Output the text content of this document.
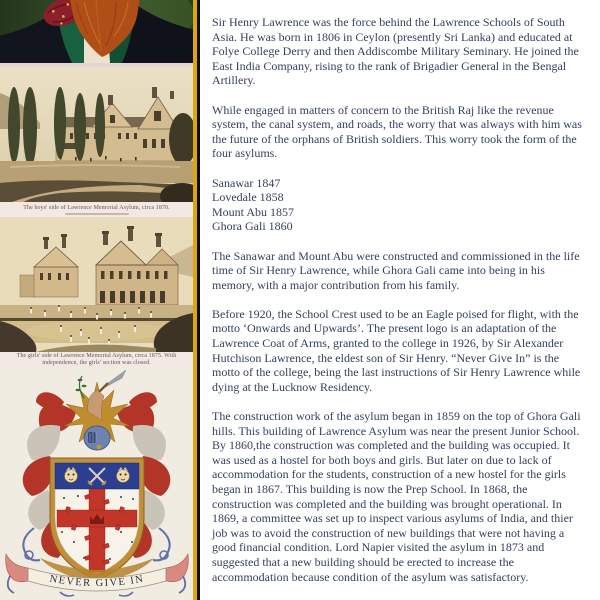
The boys' side of Lawrence Memorial Asylum, circa 1870.
The girls' side of Lawrence Memorial Asylum, circa 1875. With independence, the girls' section was closed.
NEVER GIVE IN

Sir Henry Lawrence was the force behind the Lawrence Schools of South Asia. He was born in 1806 in Ceylon (presently Sri Lanka) and educated at Folye College Derry and then Addiscombe Military Seminary. He joined the East India Company, rising to the rank of Brigadier General in the Bengal Artillery.

While engaged in matters of concern to the British Raj like the revenue system, the canal system, and roads, the worry that was always with him was the future of the orphans of British soldiers. This worry took the form of the four asylums.

Sanawar 1847
Lovedale 1858
Mount Abu 1857
Ghora Gali 1860

The Sanawar and Mount Abu were constructed and commissioned in the life time of Sir Henry Lawrence, while Ghora Gali came into being in his memory, with a major contribution from his family.

Before 1920, the School Crest used to be an Eagle poised for flight, with the motto ‘Onwards and Upwards’. The present logo is an adaptation of the Lawrence Coat of Arms, granted to the college in 1926, by Sir Alexander Hutchison Lawrence, the eldest son of Sir Henry. “Never Give In” is the motto of the college, being the last instructions of Sir Henry Lawrence while dying at the Lucknow Residency.

The construction work of the asylum began in 1859 on the top of Ghora Gali hills. This building of Lawrence Asylum was near the present Junior School. By 1860,the construction was completed and the building was occupied. It was used as a hostel for both boys and girls. But later on due to lack of accommodation for the students, construction of a new hostel for the girls began in 1867. This building is now the Prep School. In 1868, the construction was completed and the building was brought operational. In 1869, a committee was set up to inspect various asylums of India, and thier job was to avoid the construction of new buildings that were not having a good financial condition. Lord Napier visited the asylum in 1873 and suggested that a new building should be erected to increase the accommodation because condition of the asylum was satisfactory.
